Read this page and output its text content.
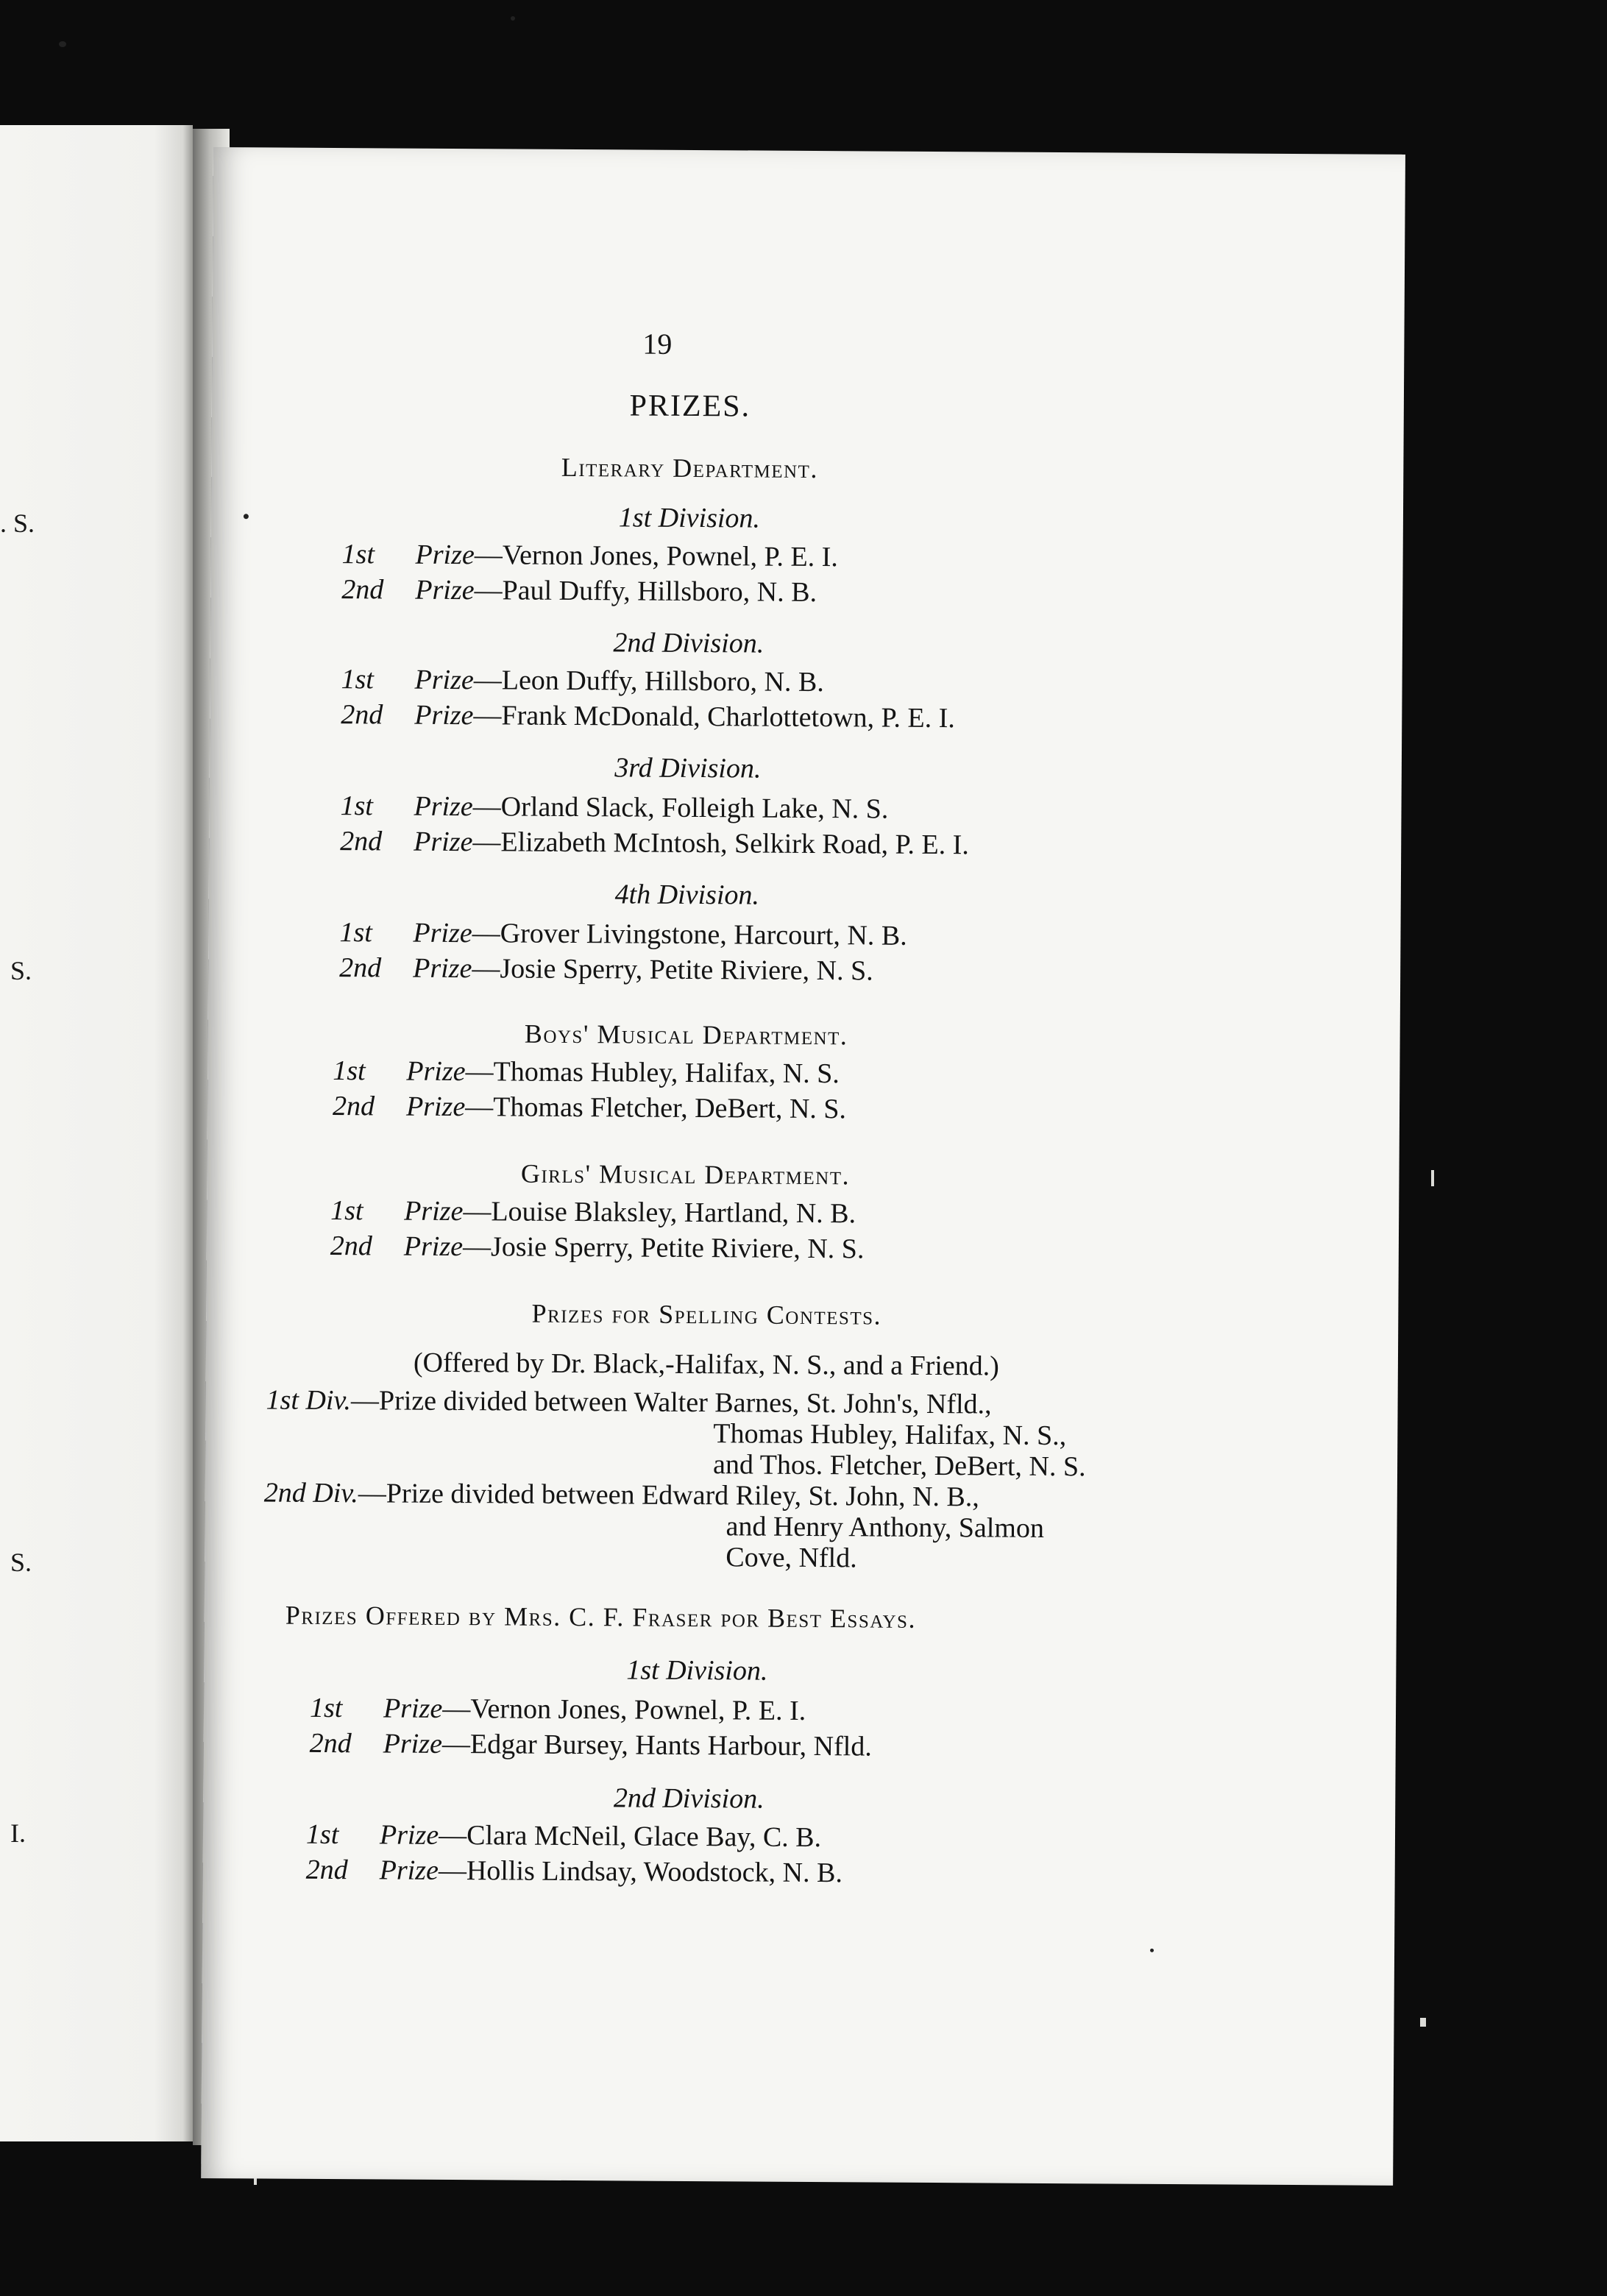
. S.
S.
S.
I.
19
PRIZES.
Literary Department.
1st Division.
1st Prize—Vernon Jones, Pownel, P. E. I.
2nd Prize—Paul Duffy, Hillsboro, N. B.
2nd Division.
1st Prize—Leon Duffy, Hillsboro, N. B.
2nd Prize—Frank McDonald, Charlottetown, P. E. I.
3rd Division.
1st Prize—Orland Slack, Folleigh Lake, N. S.
2nd Prize—Elizabeth McIntosh, Selkirk Road, P. E. I.
4th Division.
1st Prize—Grover Livingstone, Harcourt, N. B.
2nd Prize—Josie Sperry, Petite Riviere, N. S.
Boys' Musical Department.
1st Prize—Thomas Hubley, Halifax, N. S.
2nd Prize—Thomas Fletcher, DeBert, N. S.
Girls' Musical Department.
1st Prize—Louise Blaksley, Hartland, N. B.
2nd Prize—Josie Sperry, Petite Riviere, N. S.
Prizes for Spelling Contests.
(Offered by Dr. Black,-Halifax, N. S., and a Friend.)
1st Div.—Prize divided between Walter Barnes, St. John's, Nfld.,
Thomas Hubley, Halifax, N. S.,
and Thos. Fletcher, DeBert, N. S.
2nd Div.—Prize divided between Edward Riley, St. John, N. B.,
and Henry Anthony, Salmon
Cove, Nfld.
Prizes Offered by Mrs. C. F. Fraser por Best Essays.
1st Division.
1st Prize—Vernon Jones, Pownel, P. E. I.
2nd Prize—Edgar Bursey, Hants Harbour, Nfld.
2nd Division.
1st Prize—Clara McNeil, Glace Bay, C. B.
2nd Prize—Hollis Lindsay, Woodstock, N. B.
